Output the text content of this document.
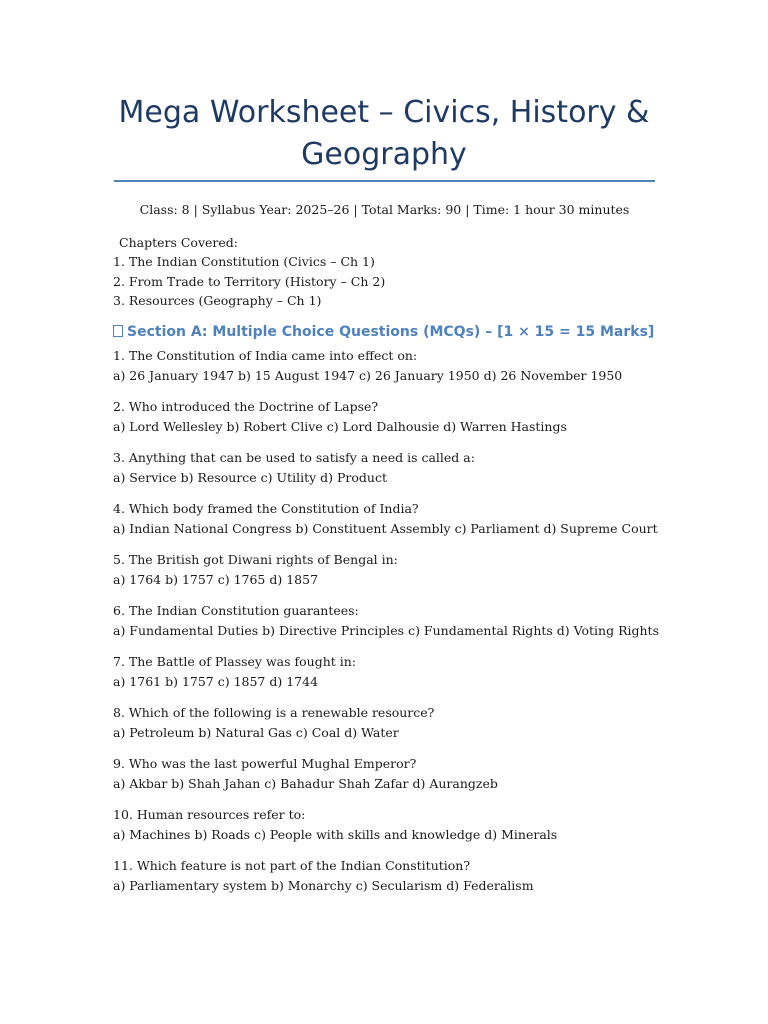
Mega Worksheet – Civics, History &
Geography
Class: 8 | Syllabus Year: 2025–26 | Total Marks: 90 | Time: 1 hour 30 minutes
Chapters Covered:
1. The Indian Constitution (Civics – Ch 1)
2. From Trade to Territory (History – Ch 2)
3. Resources (Geography – Ch 1)
Section A: Multiple Choice Questions (MCQs) – [1 × 15 = 15 Marks]
1. The Constitution of India came into effect on:
a) 26 January 1947 b) 15 August 1947 c) 26 January 1950 d) 26 November 1950
2. Who introduced the Doctrine of Lapse?
a) Lord Wellesley b) Robert Clive c) Lord Dalhousie d) Warren Hastings
3. Anything that can be used to satisfy a need is called a:
a) Service b) Resource c) Utility d) Product
4. Which body framed the Constitution of India?
a) Indian National Congress b) Constituent Assembly c) Parliament d) Supreme Court
5. The British got Diwani rights of Bengal in:
a) 1764 b) 1757 c) 1765 d) 1857
6. The Indian Constitution guarantees:
a) Fundamental Duties b) Directive Principles c) Fundamental Rights d) Voting Rights
7. The Battle of Plassey was fought in:
a) 1761 b) 1757 c) 1857 d) 1744
8. Which of the following is a renewable resource?
a) Petroleum b) Natural Gas c) Coal d) Water
9. Who was the last powerful Mughal Emperor?
a) Akbar b) Shah Jahan c) Bahadur Shah Zafar d) Aurangzeb
10. Human resources refer to:
a) Machines b) Roads c) People with skills and knowledge d) Minerals
11. Which feature is not part of the Indian Constitution?
a) Parliamentary system b) Monarchy c) Secularism d) Federalism
